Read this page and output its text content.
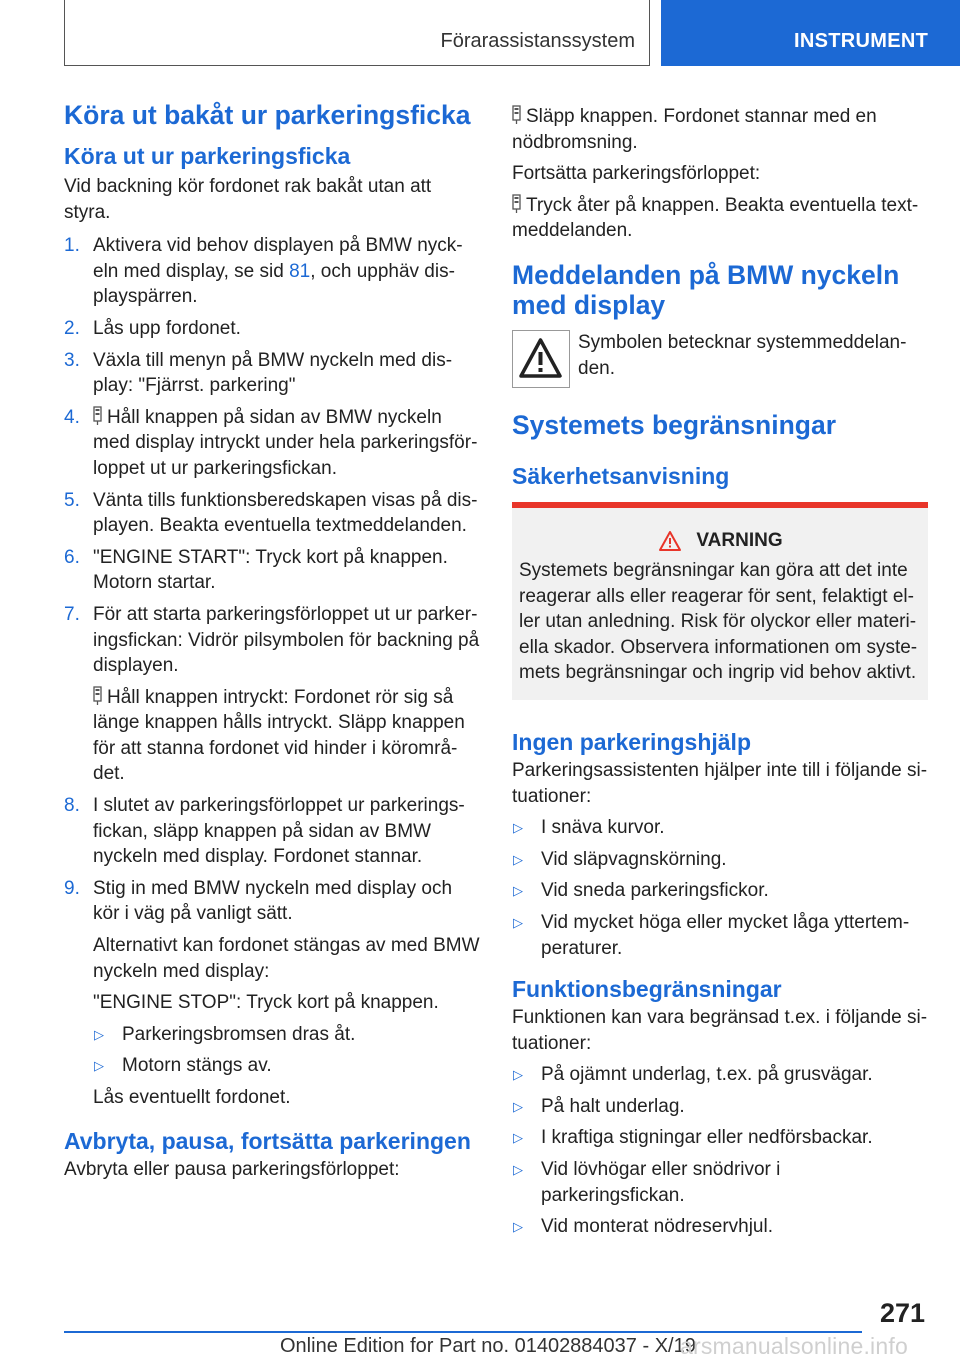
Förarassistanssystem	INSTRUMENT
Köra ut bakåt ur parkeringsficka
Köra ut ur parkeringsficka
Vid backning kör fordonet rak bakåt utan att styra.
1. Aktivera vid behov displayen på BMW nyckeln med display, se sid 81, och upphäv displayspärren.
2. Lås upp fordonet.
3. Växla till menyn på BMW nyckeln med display: "Fjärrst. parkering"
4. Håll knappen på sidan av BMW nyckeln med display intryckt under hela parkeringsförloppet ut ur parkeringsfickan.
5. Vänta tills funktionsberedskapen visas på displayen. Beakta eventuella textmeddelanden.
6. "ENGINE START": Tryck kort på knappen. Motorn startar.
7. För att starta parkeringsförloppet ut ur parkeringsfickan: Vidrör pilsymbolen för backning på displayen.
Håll knappen intryckt: Fordonet rör sig så länge knappen hålls intryckt. Släpp knappen för att stanna fordonet vid hinder i körområdet.
8. I slutet av parkeringsförloppet ur parkeringsfickan, släpp knappen på sidan av BMW nyckeln med display. Fordonet stannar.
9. Stig in med BMW nyckeln med display och kör i väg på vanligt sätt.
Alternativt kan fordonet stängas av med BMW nyckeln med display:
"ENGINE STOP": Tryck kort på knappen.
▷ Parkeringsbromsen dras åt.
▷ Motorn stängs av.
Lås eventuellt fordonet.
Avbryta, pausa, fortsätta parkeringen
Avbryta eller pausa parkeringsförloppet:
Släpp knappen. Fordonet stannar med en nödbromsning.
Fortsätta parkeringsförloppet:
Tryck åter på knappen. Beakta eventuella textmeddelanden.
Meddelanden på BMW nyckeln med display
Symbolen betecknar systemmeddelanden.
Systemets begränsningar
Säkerhetsanvisning
VARNING
Systemets begränsningar kan göra att det inte reagerar alls eller reagerar för sent, felaktigt eller utan anledning. Risk för olyckor eller materiella skador. Observera informationen om systemets begränsningar och ingrip vid behov aktivt.
Ingen parkeringshjälp
Parkeringsassistenten hjälper inte till i följande situationer:
▷ I snäva kurvor.
▷ Vid släpvagnskörning.
▷ Vid sneda parkeringsfickor.
▷ Vid mycket höga eller mycket låga yttertemperaturer.
Funktionsbegränsningar
Funktionen kan vara begränsad t.ex. i följande situationer:
▷ På ojämnt underlag, t.ex. på grusvägar.
▷ På halt underlag.
▷ I kraftiga stigningar eller nedförsbackar.
▷ Vid lövhögar eller snödrivor i parkeringsfickan.
▷ Vid monterat nödreservhjul.
271
Online Edition for Part no. 01402884037 - X/19
arsmanualsonline.info
